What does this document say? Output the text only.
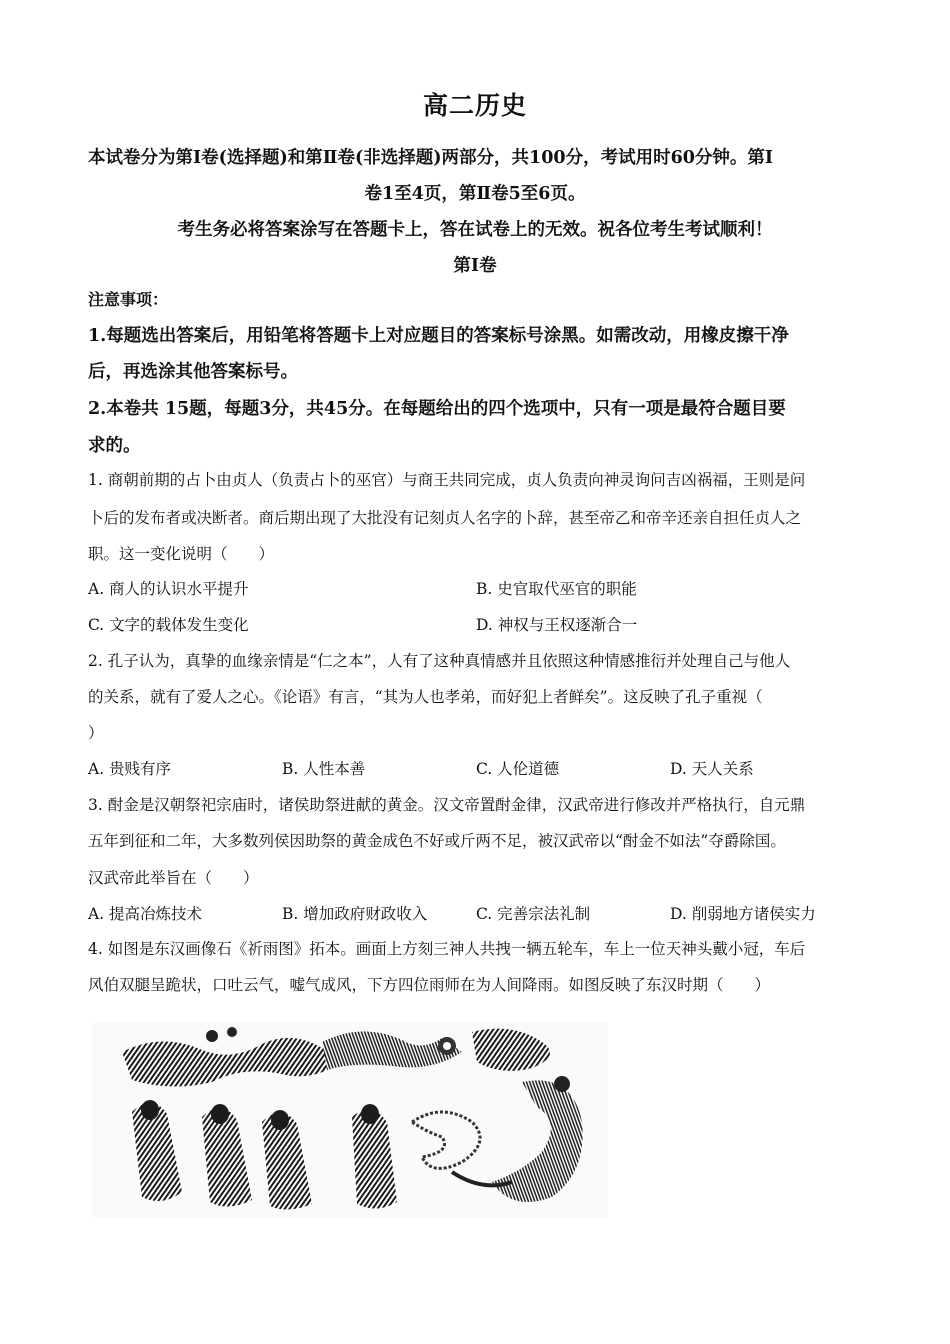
高二历史
本试卷分为第Ⅰ卷(选择题)和第Ⅱ卷(非选择题)两部分，共100分，考试用时60分钟。第Ⅰ
卷1至4页，第Ⅱ卷5至6页。
考生务必将答案涂写在答题卡上，答在试卷上的无效。祝各位考生考试顺利！
第Ⅰ卷
注意事项：
1.每题选出答案后，用铅笔将答题卡上对应题目的答案标号涂黑。如需改动，用橡皮擦干净
后，再选涂其他答案标号。
2.本卷共 15题，每题3分，共45分。在每题给出的四个选项中，只有一项是最符合题目要
求的。
1. 商朝前期的占卜由贞人（负责占卜的巫官）与商王共同完成，贞人负责向神灵询问吉凶祸福，王则是问
卜后的发布者或决断者。商后期出现了大批没有记刻贞人名字的卜辞，甚至帝乙和帝辛还亲自担任贞人之
职。这一变化说明（　　）
A. 商人的认识水平提升	B. 史官取代巫官的职能
C. 文字的载体发生变化	D. 神权与王权逐渐合一
2. 孔子认为，真挚的血缘亲情是“仁之本”，人有了这种真情感并且依照这种情感推衍并处理自己与他人
的关系，就有了爱人之心。《论语》有言，“其为人也孝弟，而好犯上者鲜矣”。这反映了孔子重视（
）
A. 贵贱有序	B. 人性本善	C. 人伦道德	D. 天人关系
3. 酎金是汉朝祭祀宗庙时，诸侯助祭进献的黄金。汉文帝置酎金律，汉武帝进行修改并严格执行，自元鼎
五年到征和二年，大多数列侯因助祭的黄金成色不好或斤两不足，被汉武帝以“酎金不如法”夺爵除国。
汉武帝此举旨在（　　）
A. 提高冶炼技术	B. 增加政府财政收入	C. 完善宗法礼制	D. 削弱地方诸侯实力
4. 如图是东汉画像石《祈雨图》拓本。画面上方刻三神人共拽一辆五轮车，车上一位天神头戴小冠，车后
风伯双腿呈跪状，口吐云气，嘘气成风，下方四位雨师在为人间降雨。如图反映了东汉时期（　　）
